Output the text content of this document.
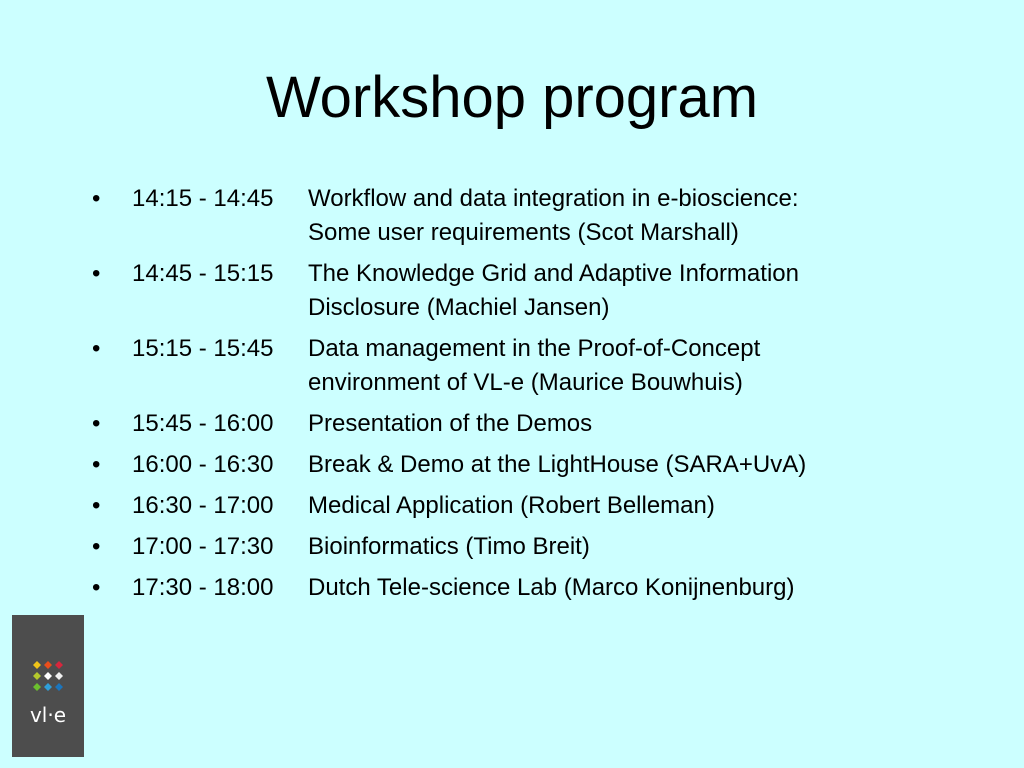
Workshop program
•	14:15 - 14:45	Workflow and data integration in e-bioscience:
Some user requirements (Scot Marshall)
•	14:45 - 15:15	The Knowledge Grid and Adaptive Information
Disclosure (Machiel Jansen)
•	15:15 - 15:45	Data management in the Proof-of-Concept
environment of VL-e (Maurice Bouwhuis)
•	15:45 - 16:00	Presentation of the Demos
•	16:00 - 16:30	Break & Demo at the LightHouse (SARA+UvA)
•	16:30 - 17:00	Medical Application (Robert Belleman)
•	17:00 - 17:30	Bioinformatics (Timo Breit)
•	17:30 - 18:00	Dutch Tele-science Lab (Marco Konijnenburg)
vl·e
